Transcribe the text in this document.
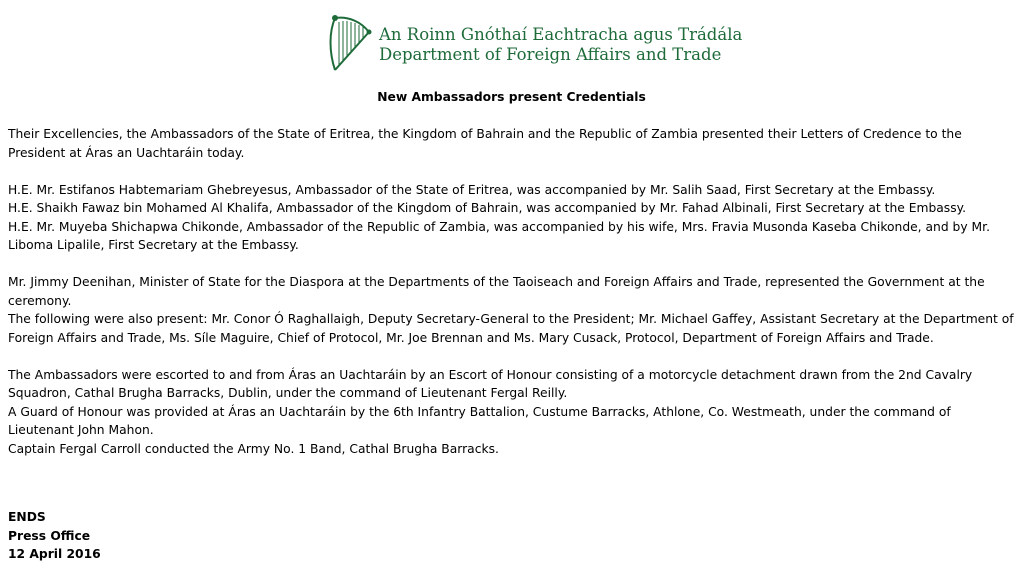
An Roinn Gnóthaí Eachtracha agus Trádála
Department of Foreign Affairs and Trade
New Ambassadors present Credentials

Their Excellencies, the Ambassadors of the State of Eritrea, the Kingdom of Bahrain and the Republic of Zambia presented their Letters of Credence to the President at Áras an Uachtaráin today.

H.E. Mr. Estifanos Habtemariam Ghebreyesus, Ambassador of the State of Eritrea, was accompanied by Mr. Salih Saad, First Secretary at the Embassy.
H.E. Shaikh Fawaz bin Mohamed Al Khalifa, Ambassador of the Kingdom of Bahrain, was accompanied by Mr. Fahad Albinali, First Secretary at the Embassy.
H.E. Mr. Muyeba Shichapwa Chikonde, Ambassador of the Republic of Zambia, was accompanied by his wife, Mrs. Fravia Musonda Kaseba Chikonde, and by Mr. Liboma Lipalile, First Secretary at the Embassy.

Mr. Jimmy Deenihan, Minister of State for the Diaspora at the Departments of the Taoiseach and Foreign Affairs and Trade, represented the Government at the ceremony.
The following were also present: Mr. Conor Ó Raghallaigh, Deputy Secretary-General to the President; Mr. Michael Gaffey, Assistant Secretary at the Department of Foreign Affairs and Trade, Ms. Síle Maguire, Chief of Protocol, Mr. Joe Brennan and Ms. Mary Cusack, Protocol, Department of Foreign Affairs and Trade.

The Ambassadors were escorted to and from Áras an Uachtaráin by an Escort of Honour consisting of a motorcycle detachment drawn from the 2nd Cavalry Squadron, Cathal Brugha Barracks, Dublin, under the command of Lieutenant Fergal Reilly.
A Guard of Honour was provided at Áras an Uachtaráin by the 6th Infantry Battalion, Custume Barracks, Athlone, Co. Westmeath, under the command of Lieutenant John Mahon.
Captain Fergal Carroll conducted the Army No. 1 Band, Cathal Brugha Barracks.

ENDS
Press Office
12 April 2016
